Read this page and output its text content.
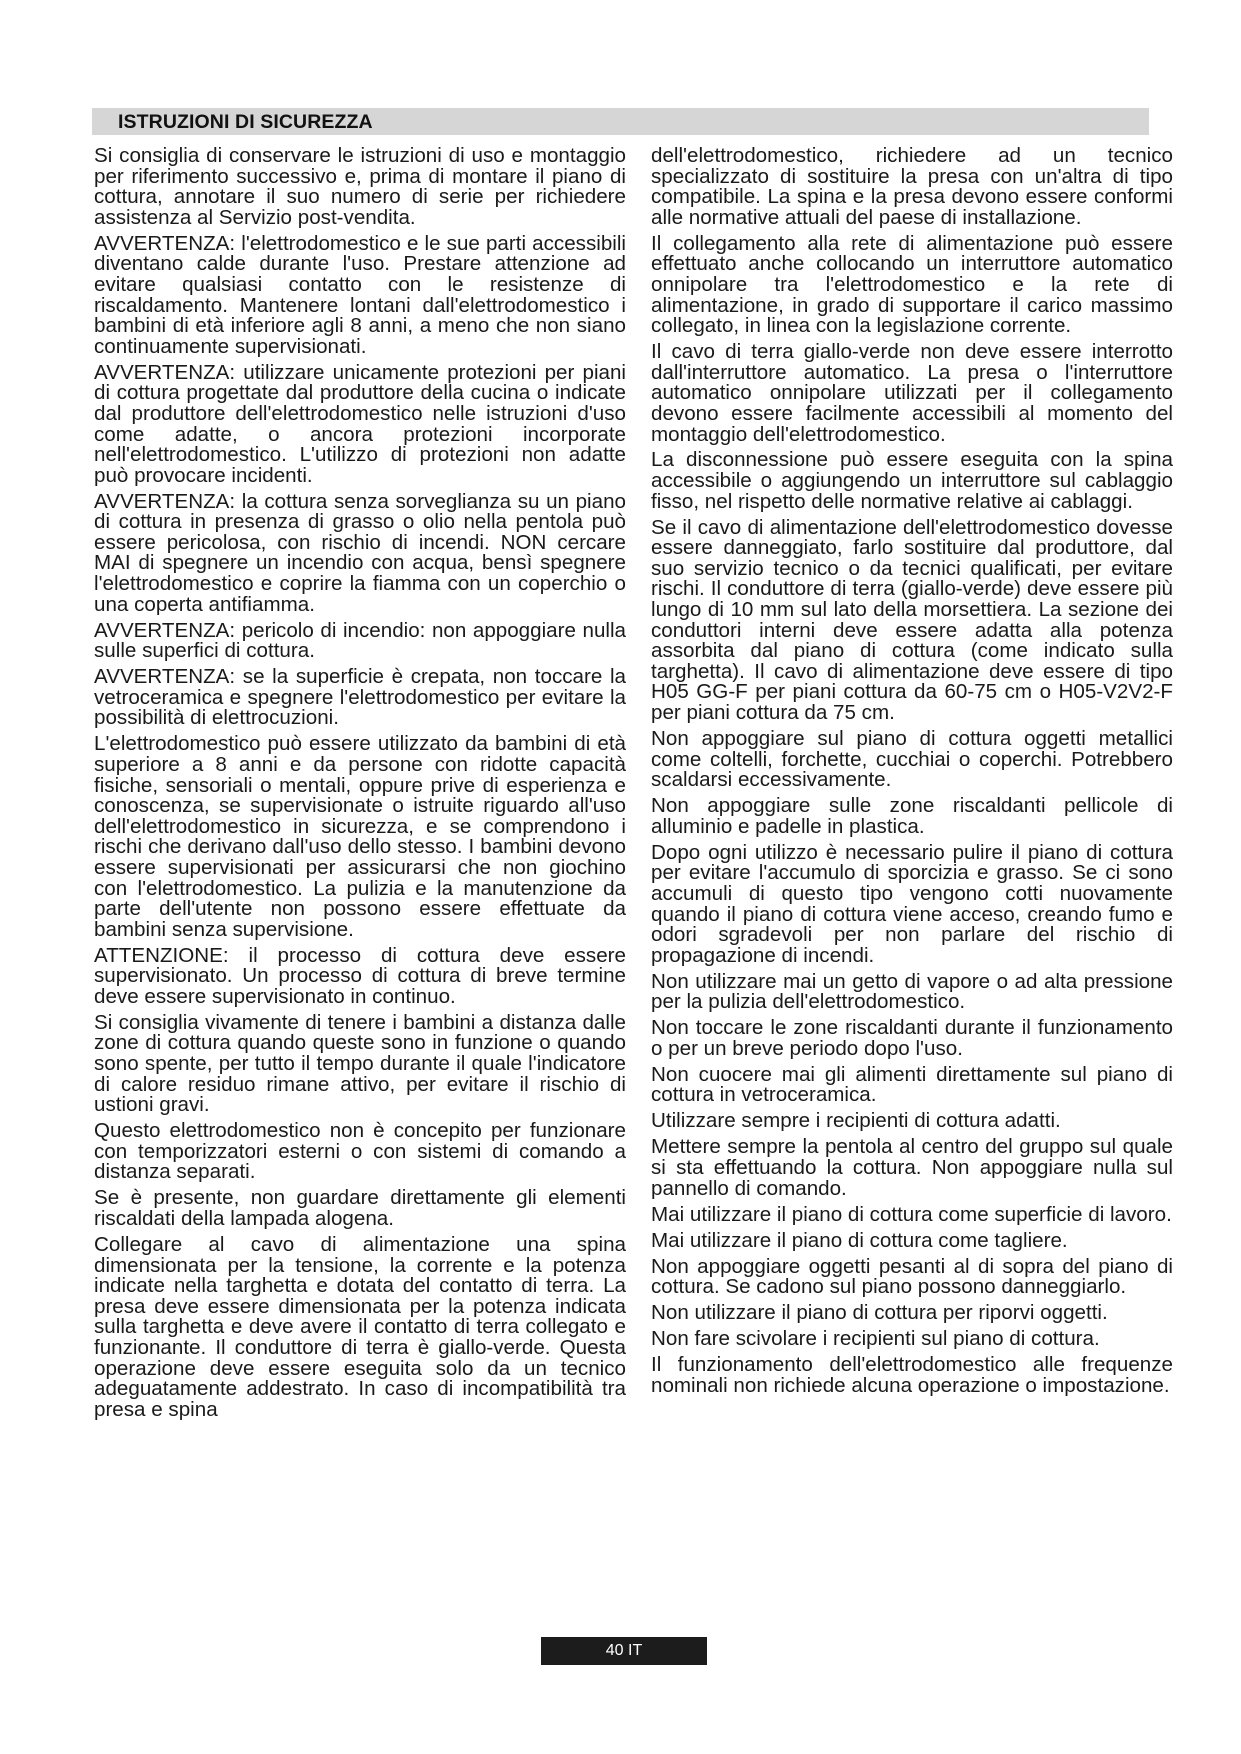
ISTRUZIONI DI SICUREZZA

Si consiglia di conservare le istruzioni di uso e montaggio per riferimento successivo e, prima di montare il piano di cottura, annotare il suo numero di serie per richiedere assistenza al Servizio post-vendita.

AVVERTENZA: l'elettrodomestico e le sue parti accessibili diventano calde durante l'uso. Prestare attenzione ad evitare qualsiasi contatto con le resistenze di riscaldamento. Mantenere lontani dall'elettrodomestico i bambini di età inferiore agli 8 anni, a meno che non siano continuamente supervisionati.

AVVERTENZA: utilizzare unicamente protezioni per piani di cottura progettate dal produttore della cucina o indicate dal produttore dell'elettrodomestico nelle istruzioni d'uso come adatte, o ancora protezioni incorporate nell'elettrodomestico. L'utilizzo di protezioni non adatte può provocare incidenti.

AVVERTENZA: la cottura senza sorveglianza su un piano di cottura in presenza di grasso o olio nella pentola può essere pericolosa, con rischio di incendi. NON cercare MAI di spegnere un incendio con acqua, bensì spegnere l'elettrodomestico e coprire la fiamma con un coperchio o una coperta antifiamma.

AVVERTENZA: pericolo di incendio: non appoggiare nulla sulle superfici di cottura.

AVVERTENZA: se la superficie è crepata, non toccare la vetroceramica e spegnere l'elettrodomestico per evitare la possibilità di elettrocuzioni.

L'elettrodomestico può essere utilizzato da bambini di età superiore a 8 anni e da persone con ridotte capacità fisiche, sensoriali o mentali, oppure prive di esperienza e conoscenza, se supervisionate o istruite riguardo all'uso dell'elettrodomestico in sicurezza, e se comprendono i rischi che derivano dall'uso dello stesso. I bambini devono essere supervisionati per assicurarsi che non giochino con l'elettrodomestico. La pulizia e la manutenzione da parte dell'utente non possono essere effettuate da bambini senza supervisione.

ATTENZIONE: il processo di cottura deve essere supervisionato. Un processo di cottura di breve termine deve essere supervisionato in continuo.

Si consiglia vivamente di tenere i bambini a distanza dalle zone di cottura quando queste sono in funzione o quando sono spente, per tutto il tempo durante il quale l'indicatore di calore residuo rimane attivo, per evitare il rischio di ustioni gravi.

Questo elettrodomestico non è concepito per funzionare con temporizzatori esterni o con sistemi di comando a distanza separati.

Se è presente, non guardare direttamente gli elementi riscaldati della lampada alogena.

Collegare al cavo di alimentazione una spina dimensionata per la tensione, la corrente e la potenza indicate nella targhetta e dotata del contatto di terra. La presa deve essere dimensionata per la potenza indicata sulla targhetta e deve avere il contatto di terra collegato e funzionante. Il conduttore di terra è giallo-verde. Questa operazione deve essere eseguita solo da un tecnico adeguatamente addestrato. In caso di incompatibilità tra presa e spina

dell'elettrodomestico, richiedere ad un tecnico specializzato di sostituire la presa con un'altra di tipo compatibile. La spina e la presa devono essere conformi alle normative attuali del paese di installazione.

Il collegamento alla rete di alimentazione può essere effettuato anche collocando un interruttore automatico onnipolare tra l'elettrodomestico e la rete di alimentazione, in grado di supportare il carico massimo collegato, in linea con la legislazione corrente.

Il cavo di terra giallo-verde non deve essere interrotto dall'interruttore automatico. La presa o l'interruttore automatico onnipolare utilizzati per il collegamento devono essere facilmente accessibili al momento del montaggio dell'elettrodomestico.

La disconnessione può essere eseguita con la spina accessibile o aggiungendo un interruttore sul cablaggio fisso, nel rispetto delle normative relative ai cablaggi.

Se il cavo di alimentazione dell'elettrodomestico dovesse essere danneggiato, farlo sostituire dal produttore, dal suo servizio tecnico o da tecnici qualificati, per evitare rischi. Il conduttore di terra (giallo-verde) deve essere più lungo di 10 mm sul lato della morsettiera. La sezione dei conduttori interni deve essere adatta alla potenza assorbita dal piano di cottura (come indicato sulla targhetta). Il cavo di alimentazione deve essere di tipo H05 GG-F per piani cottura da 60-75 cm o H05-V2V2-F per piani cottura da 75 cm.

Non appoggiare sul piano di cottura oggetti metallici come coltelli, forchette, cucchiai o coperchi. Potrebbero scaldarsi eccessivamente.

Non appoggiare sulle zone riscaldanti pellicole di alluminio e padelle in plastica.

Dopo ogni utilizzo è necessario pulire il piano di cottura per evitare l'accumulo di sporcizia e grasso. Se ci sono accumuli di questo tipo vengono cotti nuovamente quando il piano di cottura viene acceso, creando fumo e odori sgradevoli per non parlare del rischio di propagazione di incendi.

Non utilizzare mai un getto di vapore o ad alta pressione per la pulizia dell'elettrodomestico.

Non toccare le zone riscaldanti durante il funzionamento o per un breve periodo dopo l'uso.

Non cuocere mai gli alimenti direttamente sul piano di cottura in vetroceramica.

Utilizzare sempre i recipienti di cottura adatti.

Mettere sempre la pentola al centro del gruppo sul quale si sta effettuando la cottura. Non appoggiare nulla sul pannello di comando.

Mai utilizzare il piano di cottura come superficie di lavoro.

Mai utilizzare il piano di cottura come tagliere.

Non appoggiare oggetti pesanti al di sopra del piano di cottura. Se cadono sul piano possono danneggiarlo.

Non utilizzare il piano di cottura per riporvi oggetti.

Non fare scivolare i recipienti sul piano di cottura.

Il funzionamento dell'elettrodomestico alle frequenze nominali non richiede alcuna operazione o impostazione.

40 IT
